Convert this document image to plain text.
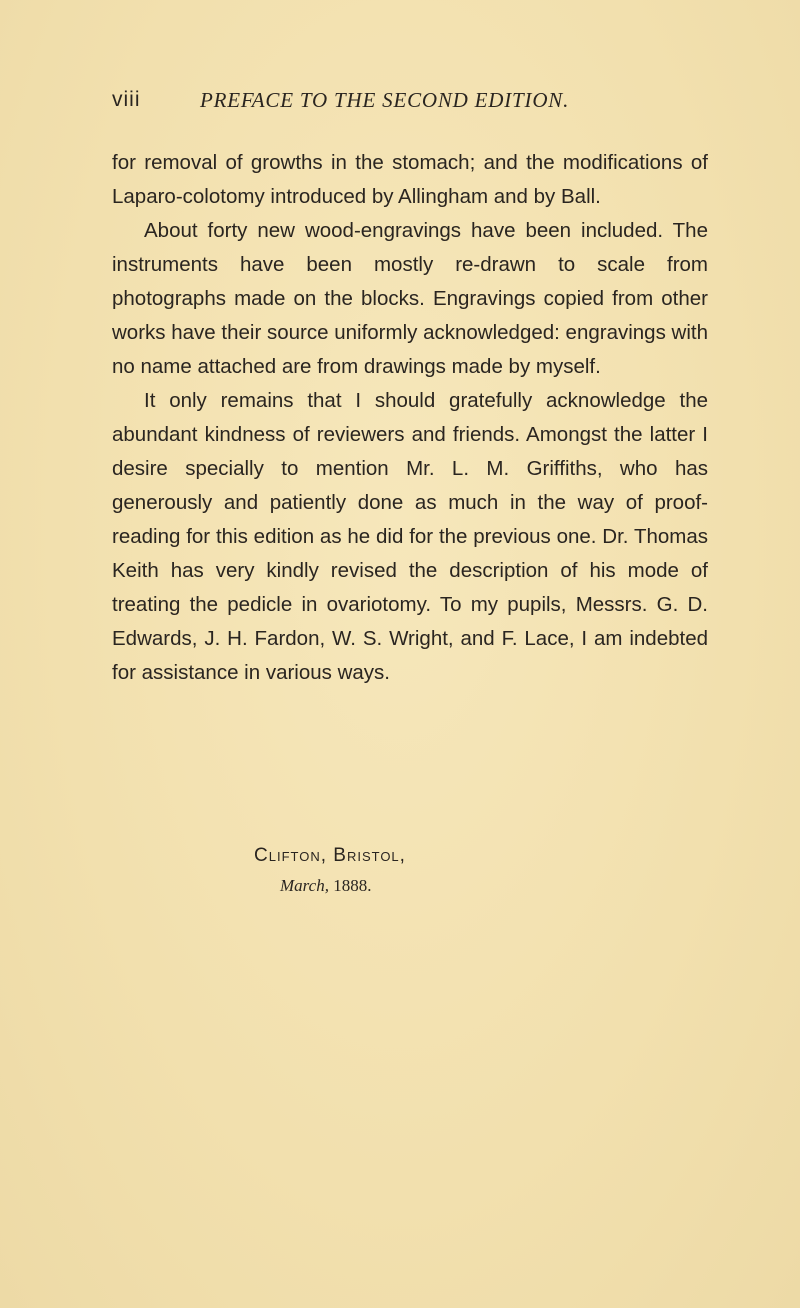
viii	PREFACE TO THE SECOND EDITION.

for removal of growths in the stomach; and the modifications of Laparo-colotomy introduced by Allingham and by Ball.

About forty new wood-engravings have been included. The instruments have been mostly re-drawn to scale from photographs made on the blocks. Engravings copied from other works have their source uniformly acknowledged: engravings with no name attached are from drawings made by myself.

It only remains that I should gratefully acknowledge the abundant kindness of reviewers and friends. Amongst the latter I desire specially to mention Mr. L. M. Griffiths, who has generously and patiently done as much in the way of proof-reading for this edition as he did for the previous one. Dr. Thomas Keith has very kindly revised the description of his mode of treating the pedicle in ovariotomy. To my pupils, Messrs. G. D. Edwards, J. H. Fardon, W. S. Wright, and F. Lace, I am indebted for assistance in various ways.

Clifton, Bristol,
March, 1888.
